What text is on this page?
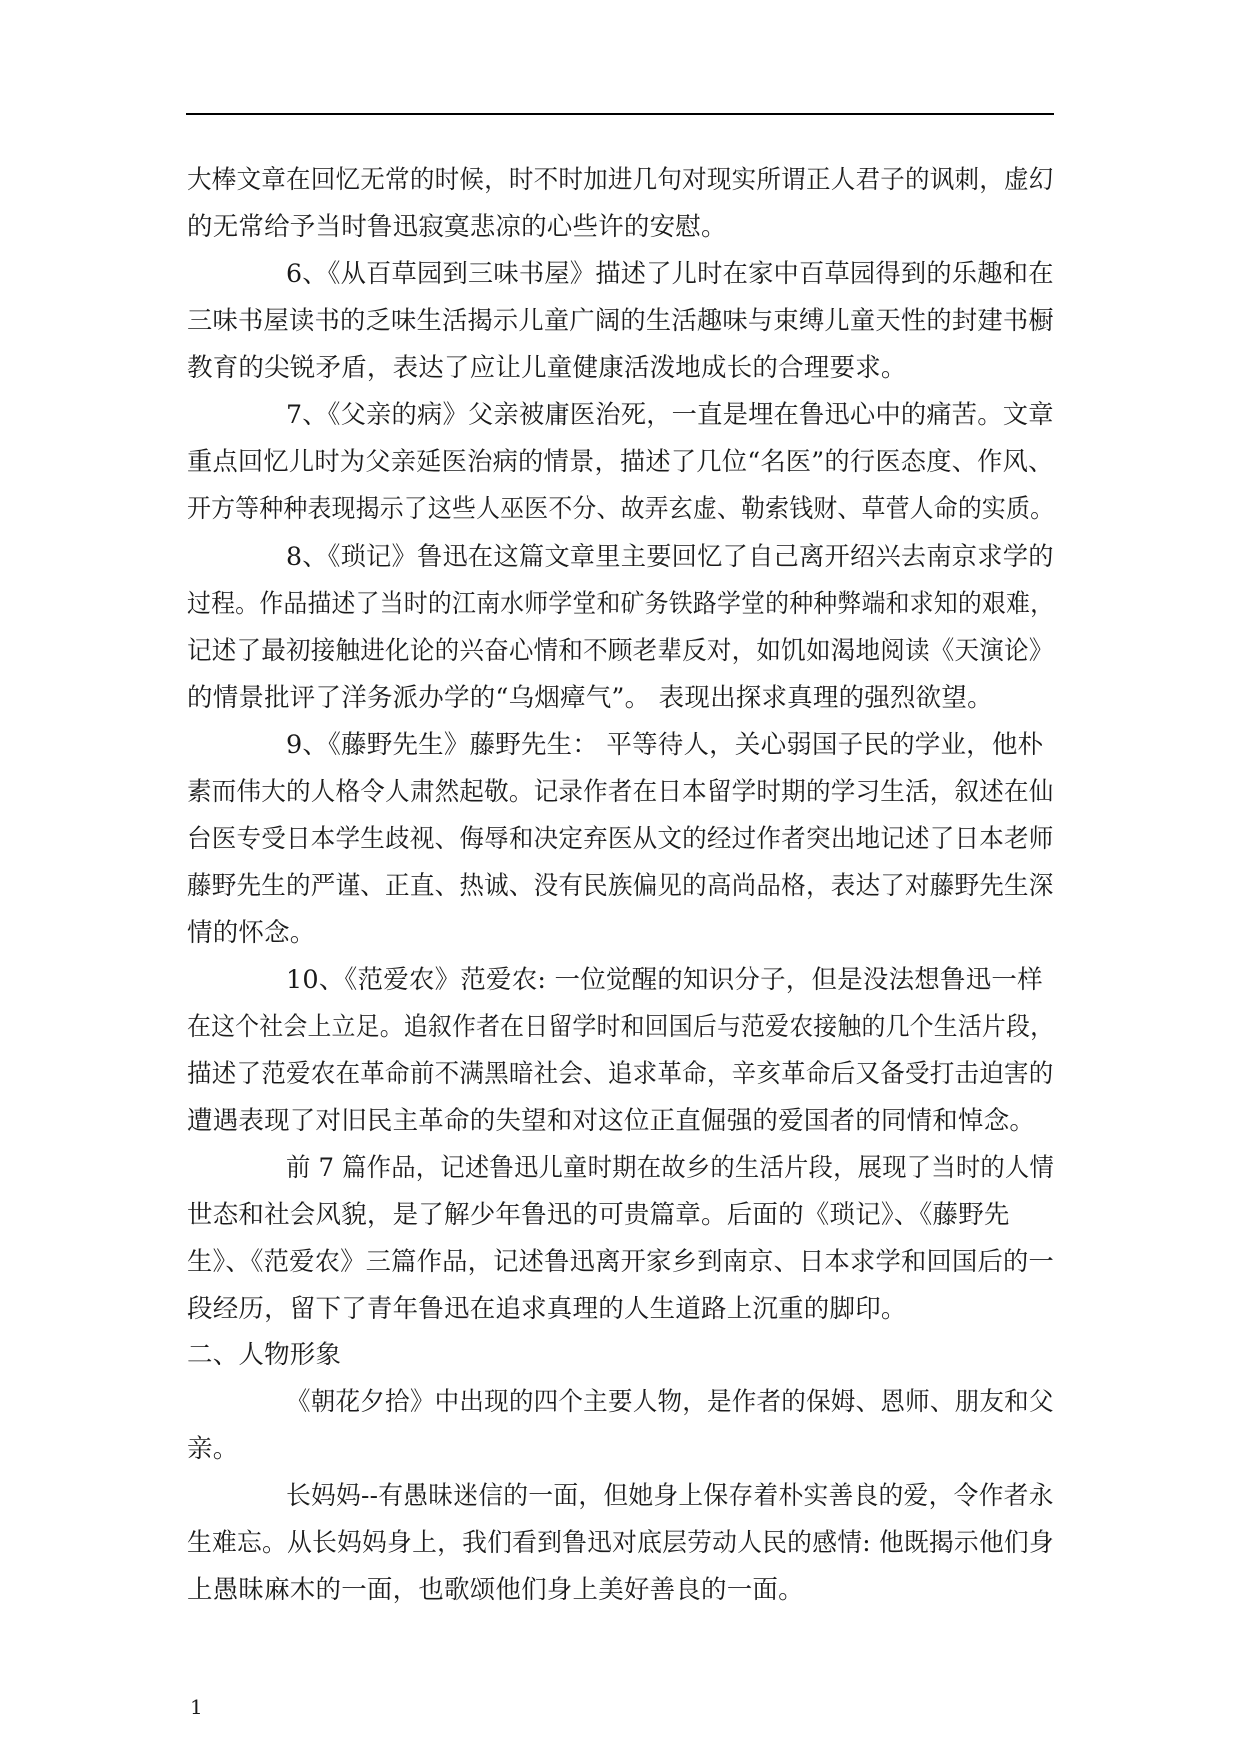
大棒文章在回忆无常的时候，时不时加进几句对现实所谓正人君子的讽刺，虚幻

的无常给予当时鲁迅寂寞悲凉的心些许的安慰。

6、《从百草园到三味书屋》描述了儿时在家中百草园得到的乐趣和在

三味书屋读书的乏味生活揭示儿童广阔的生活趣味与束缚儿童天性的封建书橱

教育的尖锐矛盾，表达了应让儿童健康活泼地成长的合理要求。

7、《父亲的病》父亲被庸医治死，一直是埋在鲁迅心中的痛苦。文章

重点回忆儿时为父亲延医治病的情景，描述了几位“名医”的行医态度、作风、

开方等种种表现揭示了这些人巫医不分、故弄玄虚、勒索钱财、草菅人命的实质。

8、《琐记》鲁迅在这篇文章里主要回忆了自己离开绍兴去南京求学的

过程。作品描述了当时的江南水师学堂和矿务铁路学堂的种种弊端和求知的艰难，

记述了最初接触进化论的兴奋心情和不顾老辈反对，如饥如渴地阅读《天演论》

的情景批评了洋务派办学的“乌烟瘴气”。 表现出探求真理的强烈欲望。

9、《藤野先生》藤野先生： 平等待人，关心弱国子民的学业，他朴

素而伟大的人格令人肃然起敬。记录作者在日本留学时期的学习生活，叙述在仙

台医专受日本学生歧视、侮辱和决定弃医从文的经过作者突出地记述了日本老师

藤野先生的严谨、正直、热诚、没有民族偏见的高尚品格，表达了对藤野先生深

情的怀念。

10、《范爱农》范爱农: 一位觉醒的知识分子，但是没法想鲁迅一样

在这个社会上立足。追叙作者在日留学时和回国后与范爱农接触的几个生活片段，

描述了范爱农在革命前不满黑暗社会、追求革命，辛亥革命后又备受打击迫害的

遭遇表现了对旧民主革命的失望和对这位正直倔强的爱国者的同情和悼念。

前 7 篇作品，记述鲁迅儿童时期在故乡的生活片段，展现了当时的人情

世态和社会风貌，是了解少年鲁迅的可贵篇章。后面的《琐记》、《藤野先

生》、《范爱农》三篇作品，记述鲁迅离开家乡到南京、日本求学和回国后的一

段经历，留下了青年鲁迅在追求真理的人生道路上沉重的脚印。

二、人物形象

《朝花夕拾》中出现的四个主要人物，是作者的保姆、恩师、朋友和父

亲。

长妈妈--有愚昧迷信的一面，但她身上保存着朴实善良的爱，令作者永

生难忘。从长妈妈身上，我们看到鲁迅对底层劳动人民的感情: 他既揭示他们身

上愚昧麻木的一面，也歌颂他们身上美好善良的一面。

1
